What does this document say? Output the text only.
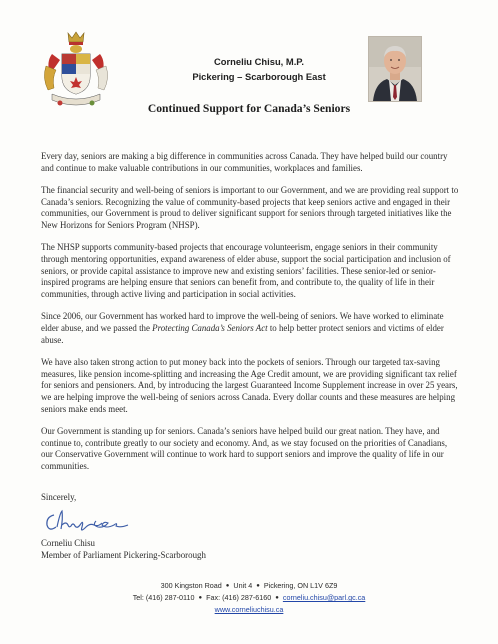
Corneliu Chisu, M.P.
Pickering – Scarborough East
Continued Support for Canada’s Seniors

Every day, seniors are making a big difference in communities across Canada. They have helped build our country and continue to make valuable contributions in our communities, workplaces and families.

The financial security and well-being of seniors is important to our Government, and we are providing real support to Canada’s seniors. Recognizing the value of community-based projects that keep seniors active and engaged in their communities, our Government is proud to deliver significant support for seniors through targeted initiatives like the New Horizons for Seniors Program (NHSP).

The NHSP supports community-based projects that encourage volunteerism, engage seniors in their community through mentoring opportunities, expand awareness of elder abuse, support the social participation and inclusion of seniors, or provide capital assistance to improve new and existing seniors’ facilities. These senior-led or senior-inspired programs are helping ensure that seniors can benefit from, and contribute to, the quality of life in their communities, through active living and participation in social activities.

Since 2006, our Government has worked hard to improve the well-being of seniors. We have worked to eliminate elder abuse, and we passed the Protecting Canada’s Seniors Act to help better protect seniors and victims of elder abuse.

We have also taken strong action to put money back into the pockets of seniors. Through our targeted tax-saving measures, like pension income-splitting and increasing the Age Credit amount, we are providing significant tax relief for seniors and pensioners. And, by introducing the largest Guaranteed Income Supplement increase in over 25 years, we are helping improve the well-being of seniors across Canada. Every dollar counts and these measures are helping seniors make ends meet.

Our Government is standing up for seniors. Canada’s seniors have helped build our great nation. They have, and continue to, contribute greatly to our society and economy. And, as we stay focused on the priorities of Canadians, our Conservative Government will continue to work hard to support seniors and improve the quality of life in our communities.

Sincerely,
Corneliu Chisu
Member of Parliament Pickering-Scarborough
300 Kingston Road ● Unit 4 ● Pickering, ON L1V 6Z9
Tel: (416) 287-0110 ● Fax: (416) 287-6160 ● corneliu.chisu@parl.gc.ca
www.corneliuchisu.ca
